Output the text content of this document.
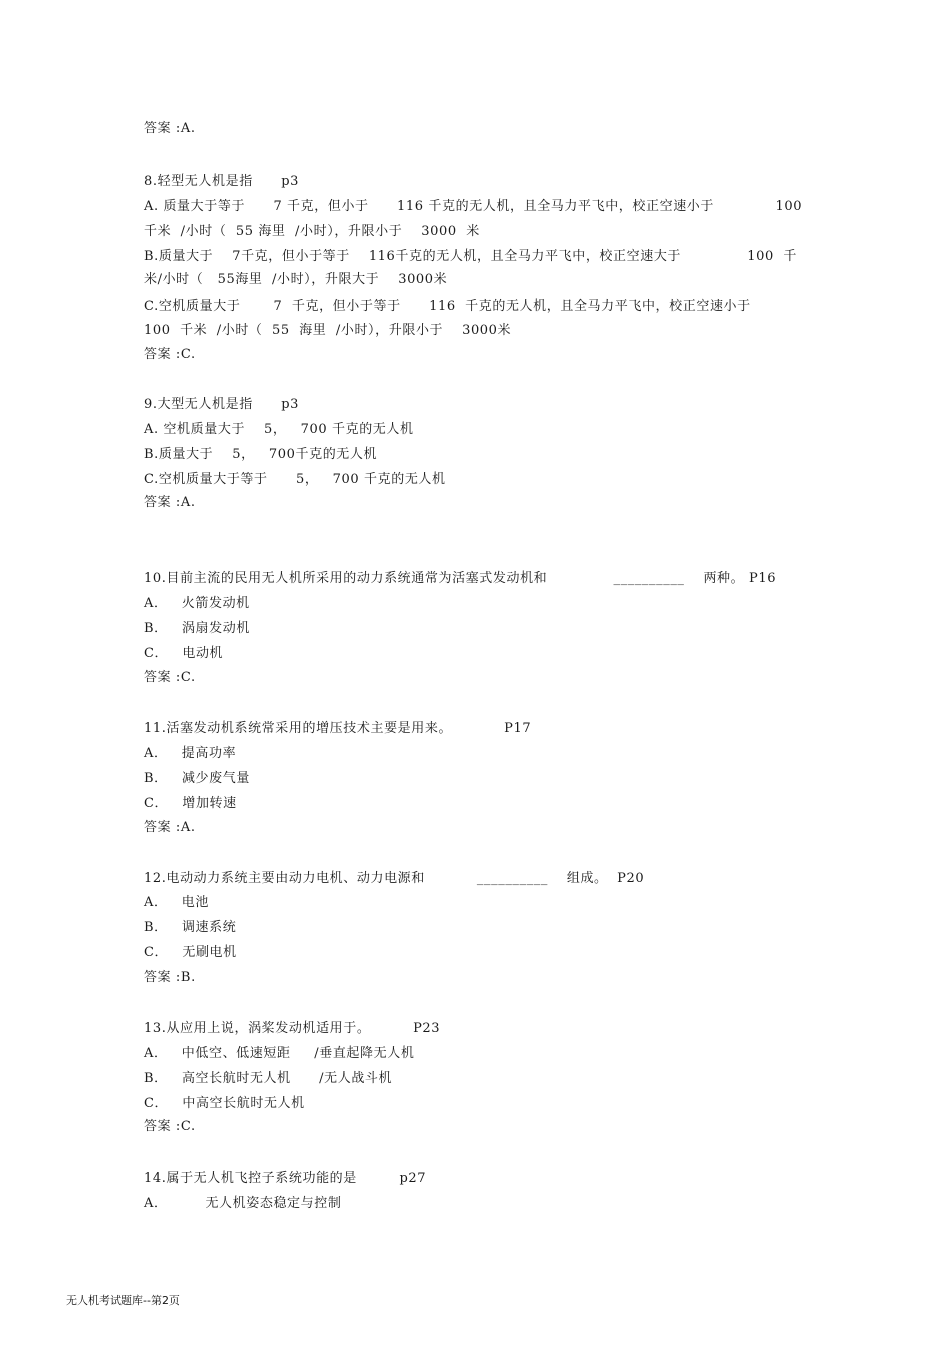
答案 :A.
8.轻型无人机是指      p3
A. 质量大于等于      7 千克，但小于      116 千克的无人机，且全马力平飞中，校正空速小于             100
千米  /小时（  55 海里  /小时），升限小于    3000  米
B.质量大于    7千克，但小于等于    116千克的无人机，且全马力平飞中，校正空速大于              100  千
米/小时（   55海里  /小时），升限大于    3000米
C.空机质量大于       7  千克，但小于等于      116  千克的无人机，且全马力平飞中，校正空速小于
100  千米  /小时（  55  海里  /小时），升限小于    3000米
答案 :C.
9.大型无人机是指      p3
A. 空机质量大于    5，   700 千克的无人机
B.质量大于    5，   700千克的无人机
C.空机质量大于等于      5，   700 千克的无人机
答案 :A.
10.目前主流的民用无人机所采用的动力系统通常为活塞式发动机和              __________    两种。 P16
A．   火箭发动机
B．   涡扇发动机
C．   电动机
答案 :C.
11.活塞发动机系统常采用的增压技术主要是用来。           P17
A．   提高功率
B．   减少废气量
C．   增加转速
答案 :A.
12.电动动力系统主要由动力电机、动力电源和           __________    组成。  P20
A．   电池
B．   调速系统
C．   无刷电机
答案 :B.
13.从应用上说，涡桨发动机适用于。         P23
A．   中低空、低速短距     /垂直起降无人机
B．   高空长航时无人机      /无人战斗机
C．   中高空长航时无人机
答案 :C.
14.属于无人机飞控子系统功能的是         p27
A．        无人机姿态稳定与控制
无人机考试题库--第2页
